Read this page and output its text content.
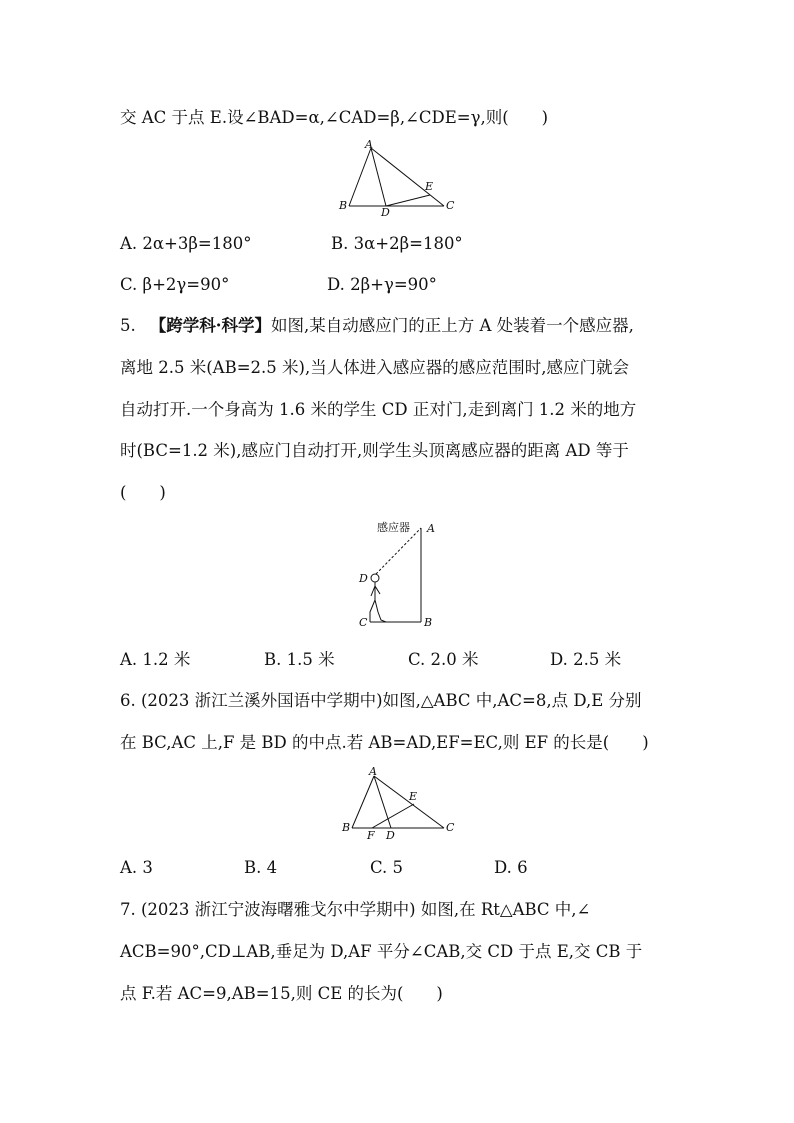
交 AC 于点 E.设∠BAD=α,∠CAD=β,∠CDE=γ,则(　　)
A
B	C
D
E
A. 2α+3β=180°	B. 3α+2β=180°
C. β+2γ=90°	D. 2β+γ=90°
5. 【跨学科·科学】如图,某自动感应门的正上方 A 处装着一个感应器,
离地 2.5 米(AB=2.5 米),当人体进入感应器的感应范围时,感应门就会
自动打开.一个身高为 1.6 米的学生 CD 正对门,走到离门 1.2 米的地方
时(BC=1.2 米),感应门自动打开,则学生头顶离感应器的距离 AD 等于
(　　)
感应器 A
D
C	B
A. 1.2 米	B. 1.5 米	C. 2.0 米	D. 2.5 米
6. (2023 浙江兰溪外国语中学期中)如图,△ABC 中,AC=8,点 D,E 分别
在 BC,AC 上,F 是 BD 的中点.若 AB=AD,EF=EC,则 EF 的长是(　　)
A
B	C
F D
E
A. 3	B. 4	C. 5	D. 6
7. (2023 浙江宁波海曙雅戈尔中学期中) 如图,在 Rt△ABC 中,∠
ACB=90°,CD⊥AB,垂足为 D,AF 平分∠CAB,交 CD 于点 E,交 CB 于
点 F.若 AC=9,AB=15,则 CE 的长为(　　)
